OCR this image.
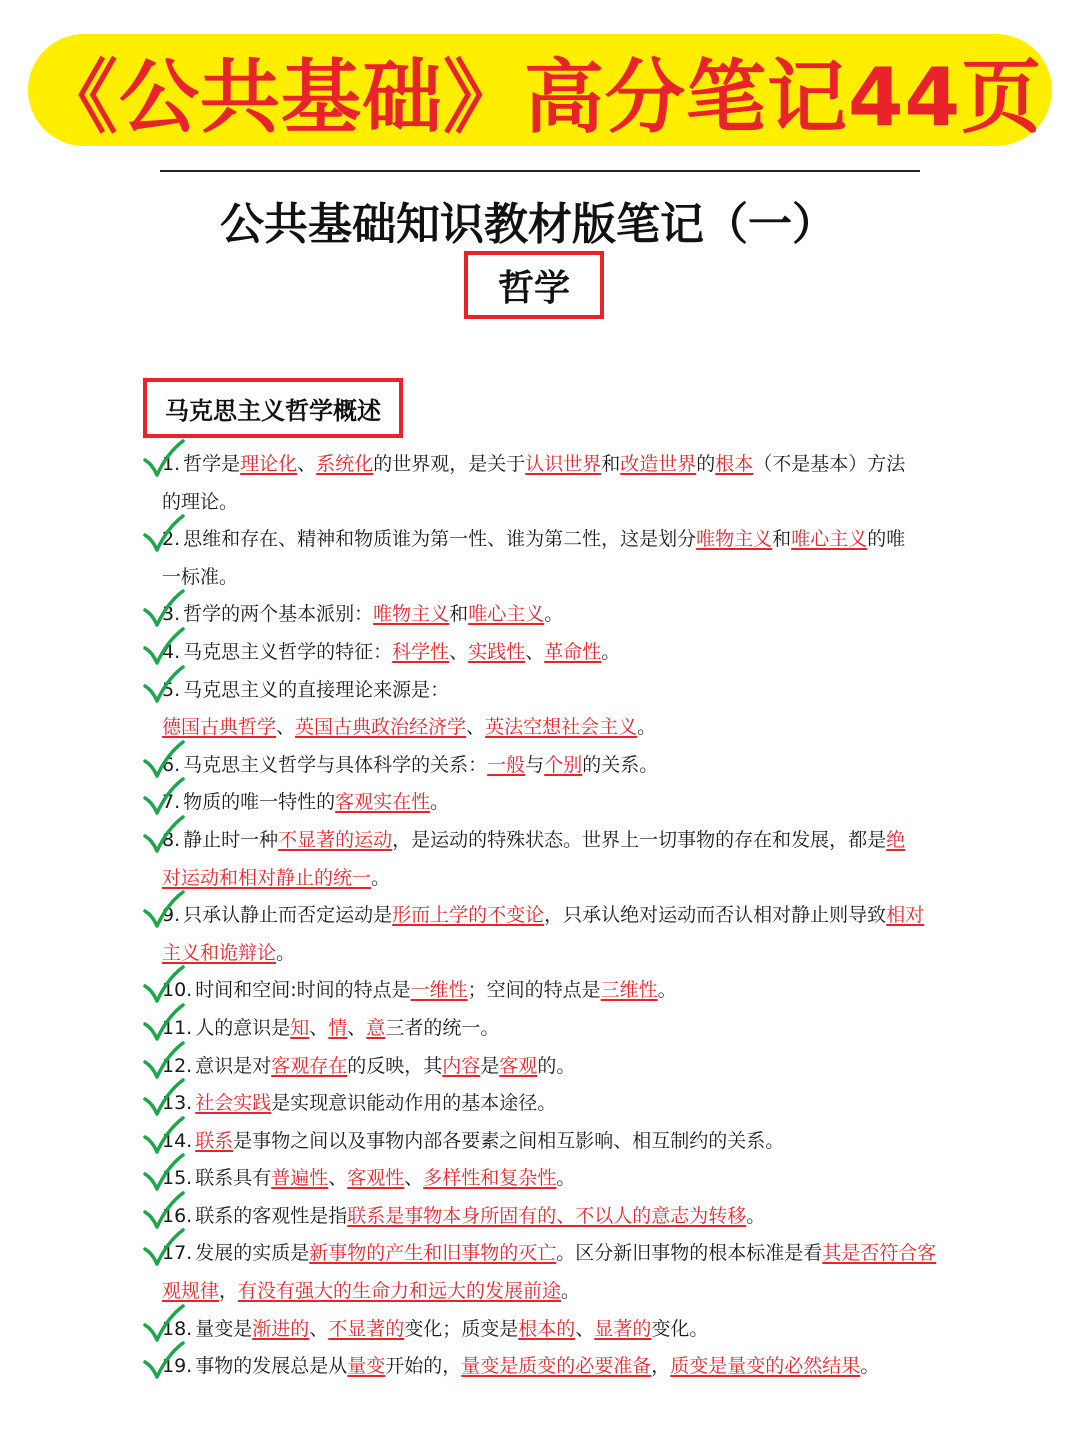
《公共基础》高分笔记44页
公共基础知识教材版笔记（一）
哲学
马克思主义哲学概述
1. 哲学是理论化、系统化的世界观，是关于认识世界和改造世界的根本（不是基本）方法
的理论。
2. 思维和存在、精神和物质谁为第一性、谁为第二性，这是划分唯物主义和唯心主义的唯
一标准。
3. 哲学的两个基本派别：唯物主义和唯心主义。
4. 马克思主义哲学的特征：科学性、实践性、革命性。
5. 马克思主义的直接理论来源是：
德国古典哲学、英国古典政治经济学、英法空想社会主义。
6. 马克思主义哲学与具体科学的关系：一般与个别的关系。
7. 物质的唯一特性的客观实在性。
8. 静止时一种不显著的运动，是运动的特殊状态。世界上一切事物的存在和发展，都是绝
对运动和相对静止的统一。
9. 只承认静止而否定运动是形而上学的不变论，只承认绝对运动而否认相对静止则导致相对
主义和诡辩论。
10. 时间和空间:时间的特点是一维性；空间的特点是三维性。
11. 人的意识是知、情、意三者的统一。
12. 意识是对客观存在的反映，其内容是客观的。
13. 社会实践是实现意识能动作用的基本途径。
14. 联系是事物之间以及事物内部各要素之间相互影响、相互制约的关系。
15. 联系具有普遍性、客观性、多样性和复杂性。
16. 联系的客观性是指联系是事物本身所固有的、不以人的意志为转移。
17. 发展的实质是新事物的产生和旧事物的灭亡。区分新旧事物的根本标准是看其是否符合客
观规律，有没有强大的生命力和远大的发展前途。
18. 量变是渐进的、不显著的变化；质变是根本的、显著的变化。
19. 事物的发展总是从量变开始的，量变是质变的必要准备，质变是量变的必然结果。
